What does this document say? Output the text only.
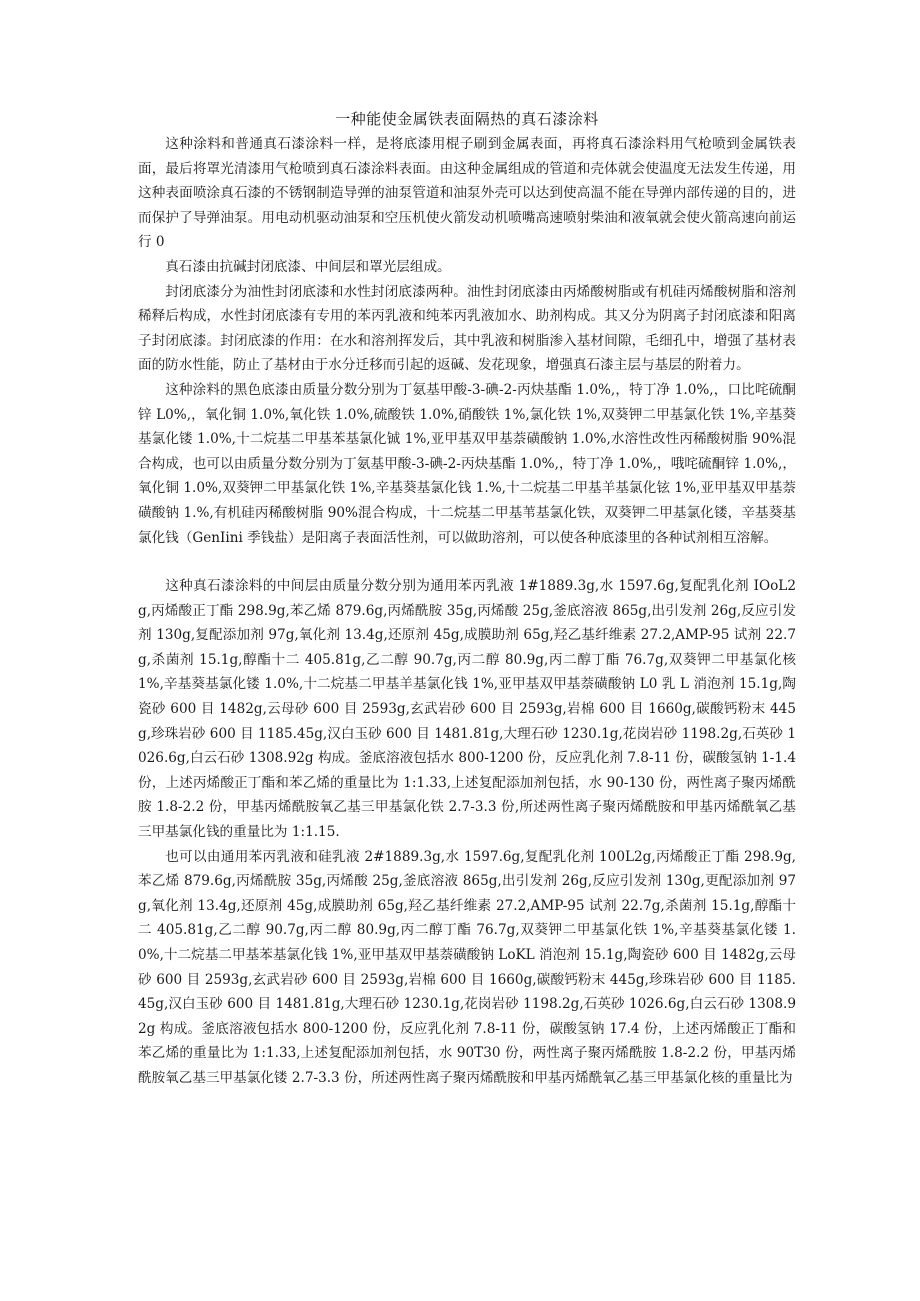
一种能使金属铁表面隔热的真石漆涂料

这种涂料和普通真石漆涂料一样，是将底漆用棍子刷到金属表面，再将真石漆涂料用气枪喷到金属铁表面，最后将罩光清漆用气枪喷到真石漆涂料表面。由这种金属组成的管道和壳体就会使温度无法发生传递，用这种表面喷涂真石漆的不锈钢制造导弹的油泵管道和油泵外壳可以达到使高温不能在导弹内部传递的目的，进而保护了导弹油泵。用电动机驱动油泵和空压机使火箭发动机喷嘴高速喷射柴油和液氧就会使火箭高速向前运行 0

真石漆由抗碱封闭底漆、中间层和罩光层组成。

封闭底漆分为油性封闭底漆和水性封闭底漆两种。油性封闭底漆由丙烯酸树脂或有机硅丙烯酸树脂和溶剂稀释后构成，水性封闭底漆有专用的苯丙乳液和纯苯丙乳液加水、助剂构成。其又分为阴离子封闭底漆和阳离子封闭底漆。封闭底漆的作用：在水和溶剂挥发后，其中乳液和树脂渗入基材间隙，毛细孔中，增强了基材表面的防水性能，防止了基材由于水分迁移而引起的返碱、发花现象，增强真石漆主层与基层的附着力。

这种涂料的黑色底漆由质量分数分别为丁氨基甲酸-3-碘-2-丙炔基酯 1.0%,，特丁净 1.0%,，口比咤硫酮锌 L0%,，氧化铜 1.0%,氧化铁 1.0%,硫酸铁 1.0%,硝酸铁 1%,氯化铁 1%,双葵钾二甲基氯化铁 1%,辛基葵基氯化镂 1.0%,十二烷基二甲基苯基氯化铖 1%,亚甲基双甲基萘磺酸钠 1.0%,水溶性改性丙稀酸树脂 90%混合构成，也可以由质量分数分别为丁氨基甲酸-3-碘-2-丙炔基酯 1.0%,，特丁净 1.0%,，哦咤硫酮锌 1.0%,，氧化铜 1.0%,双葵钾二甲基氯化铁 1%,辛基葵基氯化钱 1.%,十二烷基二甲基羊基氯化铉 1%,亚甲基双甲基萘磺酸钠 1.%,有机硅丙稀酸树脂 90%混合构成，十二烷基二甲基苇基氯化铁，双葵钾二甲基氯化镂，辛基葵基氯化钱（GenIini 季钱盐）是阳离子表面活性剂，可以做助溶剂，可以使各种底漆里的各种试剂相互溶解。

这种真石漆涂料的中间层由质量分数分别为通用苯丙乳液 1#1889.3g,水 1597.6g,复配乳化剂 IOoL2g,丙烯酸正丁酯 298.9g,苯乙烯 879.6g,丙烯酰胺 35g,丙烯酸 25g,釜底溶液 865g,出引发剂 26g,反应引发剂 130g,复配添加剂 97g,氧化剂 13.4g,还原剂 45g,成膜助剂 65g,羟乙基纤维素 27.2,AMP-95 试剂 22.7g,杀菌剂 15.1g,醇酯十二 405.81g,乙二醇 90.7g,丙二醇 80.9g,丙二醇丁酯 76.7g,双葵钾二甲基氯化核 1%,辛基葵基氯化镂 1.0%,十二烷基二甲基羊基氯化钱 1%,亚甲基双甲基萘磺酸钠 L0 乳 L 消泡剂 15.1g,陶瓷砂 600 目 1482g,云母砂 600 目 2593g,玄武岩砂 600 目 2593g,岩棉 600 目 1660g,碳酸钙粉末 445g,珍珠岩砂 600 目 1185.45g,汉白玉砂 600 目 1481.81g,大理石砂 1230.1g,花岗岩砂 1198.2g,石英砂 1026.6g,白云石砂 1308.92g 构成。釜底溶液包括水 800-1200 份，反应乳化剂 7.8-11 份，碳酸氢钠 1-1.4 份，上述丙烯酸正丁酯和苯乙烯的重量比为 1:1.33,上述复配添加剂包括，水 90-130 份，两性离子聚丙烯酰胺 1.8-2.2 份，甲基丙烯酰胺氧乙基三甲基氯化铁 2.7-3.3 份,所述两性离子聚丙烯酰胺和甲基丙烯酰氧乙基三甲基氯化钱的重量比为 1:1.15.

也可以由通用苯丙乳液和硅乳液 2#1889.3g,水 1597.6g,复配乳化剂 100L2g,丙烯酸正丁酯 298.9g,苯乙烯 879.6g,丙烯酰胺 35g,丙烯酸 25g,釜底溶液 865g,出引发剂 26g,反应引发剂 130g,更配添加剂 97g,氧化剂 13.4g,还原剂 45g,成膜助剂 65g,羟乙基纤维素 27.2,AMP-95 试剂 22.7g,杀菌剂 15.1g,醇酯十二 405.81g,乙二醇 90.7g,丙二醇 80.9g,丙二醇丁酯 76.7g,双葵钾二甲基氯化铁 1%,辛基葵基氯化镂 1.0%,十二烷基二甲基苯基氯化钱 1%,亚甲基双甲基萘磺酸钠 LoKL 消泡剂 15.1g,陶瓷砂 600 目 1482g,云母砂 600 目 2593g,玄武岩砂 600 目 2593g,岩棉 600 目 1660g,碳酸钙粉末 445g,珍珠岩砂 600 目 1185.45g,汉白玉砂 600 目 1481.81g,大理石砂 1230.1g,花岗岩砂 1198.2g,石英砂 1026.6g,白云石砂 1308.92g 构成。釜底溶液包括水 800-1200 份，反应乳化剂 7.8-11 份，碳酸氢钠 17.4 份，上述丙烯酸正丁酯和苯乙烯的重量比为 1:1.33,上述复配添加剂包括，水 90T30 份，两性离子聚丙烯酰胺 1.8-2.2 份，甲基丙烯酰胺氧乙基三甲基氯化镂 2.7-3.3 份，所述两性离子聚丙烯酰胺和甲基丙烯酰氧乙基三甲基氯化核的重量比为
